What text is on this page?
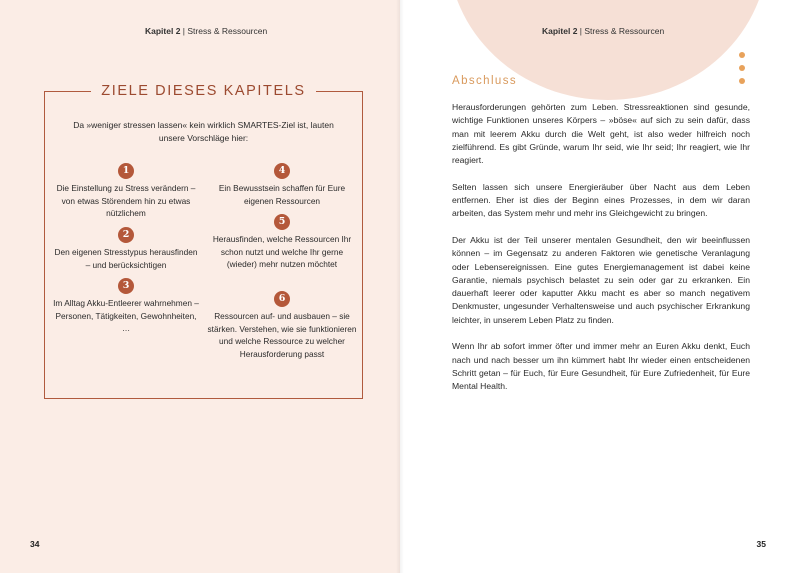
Kapitel 2 | Stress & Ressourcen
ZIELE DIESES KAPITELS
Da »weniger stressen lassen« kein wirklich SMARTES-Ziel ist, lauten unsere Vorschläge hier:
1
Die Einstellung zu Stress verändern – von etwas Störendem hin zu etwas nützlichem
2
Den eigenen Stresstypus herausfinden – und berücksichtigen
3
Im Alltag Akku-Entleerer wahrnehmen – Personen, Tätigkeiten, Gewohnheiten, …
4
Ein Bewusstsein schaffen für Eure eigenen Ressourcen
5
Herausfinden, welche Ressourcen Ihr schon nutzt und welche Ihr gerne (wieder) mehr nutzen möchtet
6
Ressourcen auf- und ausbauen – sie stärken. Verstehen, wie sie funktionieren und welche Ressource zu welcher Herausforderung passt
34
Kapitel 2 | Stress & Ressourcen
Abschluss

Herausforderungen gehörten zum Leben. Stressreaktionen sind gesunde, wichtige Funktionen unseres Körpers – »böse« auf sich zu sein dafür, dass man mit leerem Akku durch die Welt geht, ist also weder hilfreich noch zielführend. Es gibt Gründe, warum Ihr seid, wie Ihr seid; Ihr reagiert, wie Ihr reagiert.

Selten lassen sich unsere Energieräuber über Nacht aus dem Leben entfernen. Eher ist dies der Beginn eines Prozesses, in dem wir daran arbeiten, das System mehr und mehr ins Gleichgewicht zu bringen.

Der Akku ist der Teil unserer mentalen Gesundheit, den wir beeinflussen können – im Gegensatz zu anderen Faktoren wie genetische Veranlagung oder Lebensereignissen. Eine gutes Energiemanagement ist dabei keine Garantie, niemals psychisch belastet zu sein oder gar zu erkranken. Ein dauerhaft leerer oder kaputter Akku macht es aber so manch negativem Denkmuster, ungesunder Verhaltensweise und auch psychischer Erkrankung leichter, in unserem Leben Platz zu finden.

Wenn Ihr ab sofort immer öfter und immer mehr an Euren Akku denkt, Euch nach und nach besser um ihn kümmert habt Ihr wieder einen entscheidenen Schritt getan – für Euch, für Eure Gesundheit, für Eure Zufriedenheit, für Eure Mental Health.

35
